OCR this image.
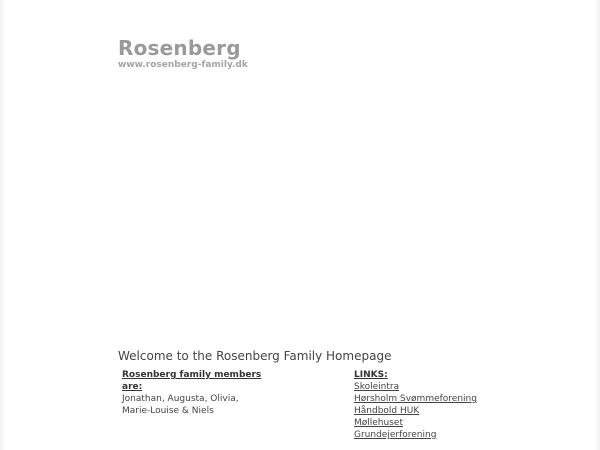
Rosenberg
www.rosenberg-family.dk
Welcome to the Rosenberg Family Homepage
Rosenberg family members
are:
Jonathan, Augusta, Olivia,
Marie-Louise & Niels
LINKS:
Skoleintra
Hørsholm Svømmeforening
Håndbold HUK
Møllehuset
Grundejerforening
